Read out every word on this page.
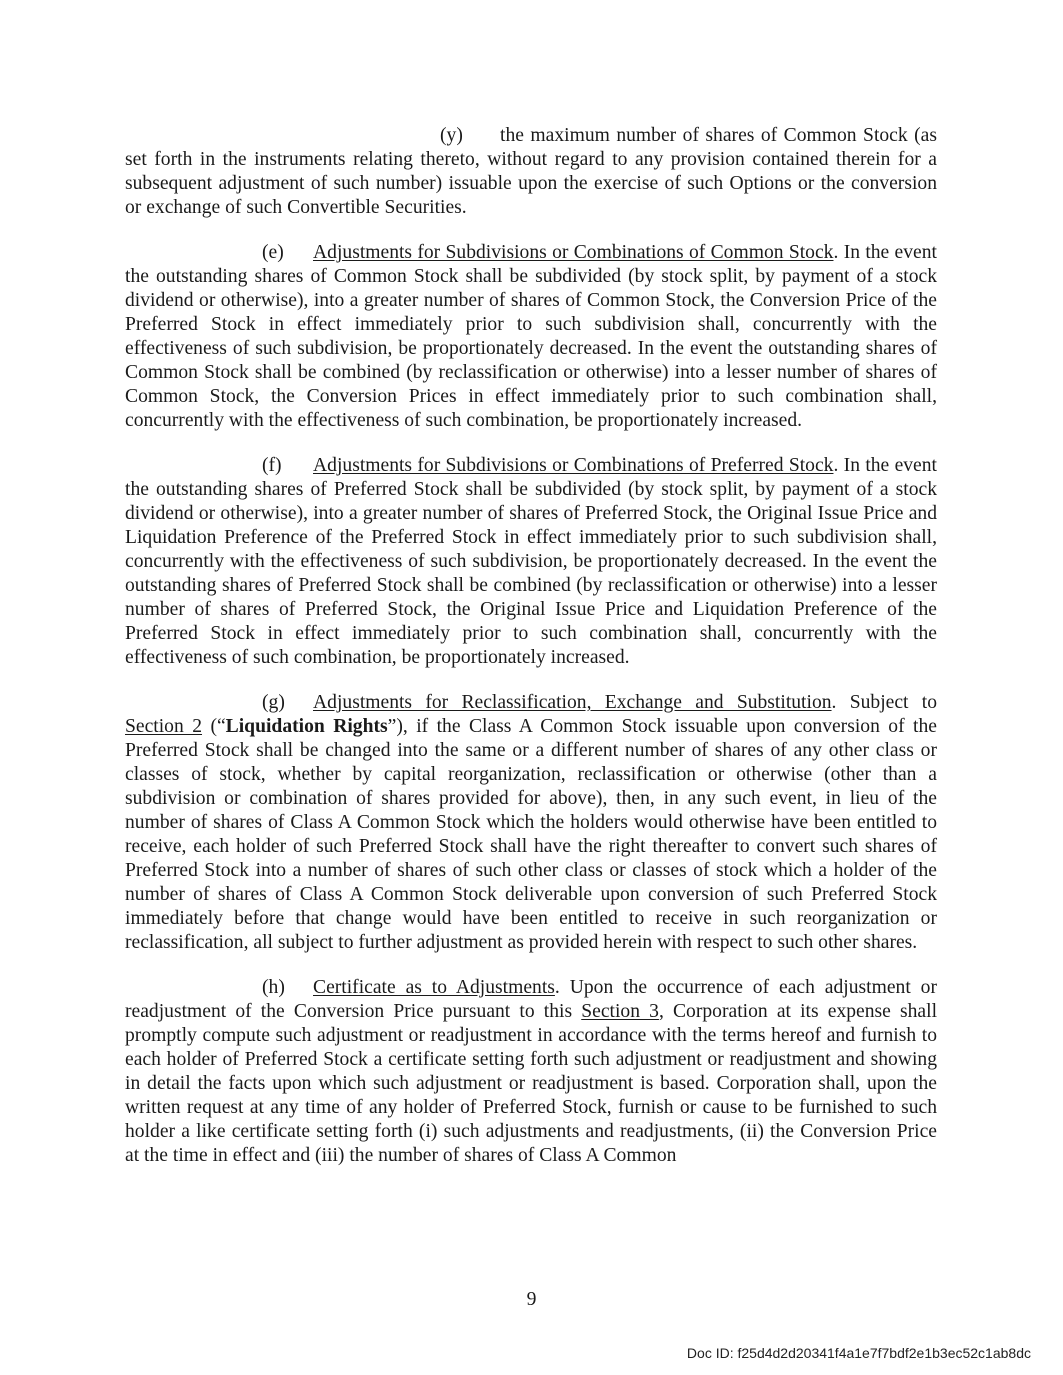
(y) the maximum number of shares of Common Stock (as set forth in the instruments relating thereto, without regard to any provision contained therein for a subsequent adjustment of such number) issuable upon the exercise of such Options or the conversion or exchange of such Convertible Securities.

(e) Adjustments for Subdivisions or Combinations of Common Stock. In the event the outstanding shares of Common Stock shall be subdivided (by stock split, by payment of a stock dividend or otherwise), into a greater number of shares of Common Stock, the Conversion Price of the Preferred Stock in effect immediately prior to such subdivision shall, concurrently with the effectiveness of such subdivision, be proportionately decreased. In the event the outstanding shares of Common Stock shall be combined (by reclassification or otherwise) into a lesser number of shares of Common Stock, the Conversion Prices in effect immediately prior to such combination shall, concurrently with the effectiveness of such combination, be proportionately increased.

(f) Adjustments for Subdivisions or Combinations of Preferred Stock. In the event the outstanding shares of Preferred Stock shall be subdivided (by stock split, by payment of a stock dividend or otherwise), into a greater number of shares of Preferred Stock, the Original Issue Price and Liquidation Preference of the Preferred Stock in effect immediately prior to such subdivision shall, concurrently with the effectiveness of such subdivision, be proportionately decreased. In the event the outstanding shares of Preferred Stock shall be combined (by reclassification or otherwise) into a lesser number of shares of Preferred Stock, the Original Issue Price and Liquidation Preference of the Preferred Stock in effect immediately prior to such combination shall, concurrently with the effectiveness of such combination, be proportionately increased.

(g) Adjustments for Reclassification, Exchange and Substitution. Subject to Section 2 (“Liquidation Rights”), if the Class A Common Stock issuable upon conversion of the Preferred Stock shall be changed into the same or a different number of shares of any other class or classes of stock, whether by capital reorganization, reclassification or otherwise (other than a subdivision or combination of shares provided for above), then, in any such event, in lieu of the number of shares of Class A Common Stock which the holders would otherwise have been entitled to receive, each holder of such Preferred Stock shall have the right thereafter to convert such shares of Preferred Stock into a number of shares of such other class or classes of stock which a holder of the number of shares of Class A Common Stock deliverable upon conversion of such Preferred Stock immediately before that change would have been entitled to receive in such reorganization or reclassification, all subject to further adjustment as provided herein with respect to such other shares.

(h) Certificate as to Adjustments. Upon the occurrence of each adjustment or readjustment of the Conversion Price pursuant to this Section 3, Corporation at its expense shall promptly compute such adjustment or readjustment in accordance with the terms hereof and furnish to each holder of Preferred Stock a certificate setting forth such adjustment or readjustment and showing in detail the facts upon which such adjustment or readjustment is based. Corporation shall, upon the written request at any time of any holder of Preferred Stock, furnish or cause to be furnished to such holder a like certificate setting forth (i) such adjustments and readjustments, (ii) the Conversion Price at the time in effect and (iii) the number of shares of Class A Common

9
Doc ID: f25d4d2d20341f4a1e7f7bdf2e1b3ec52c1ab8dc
